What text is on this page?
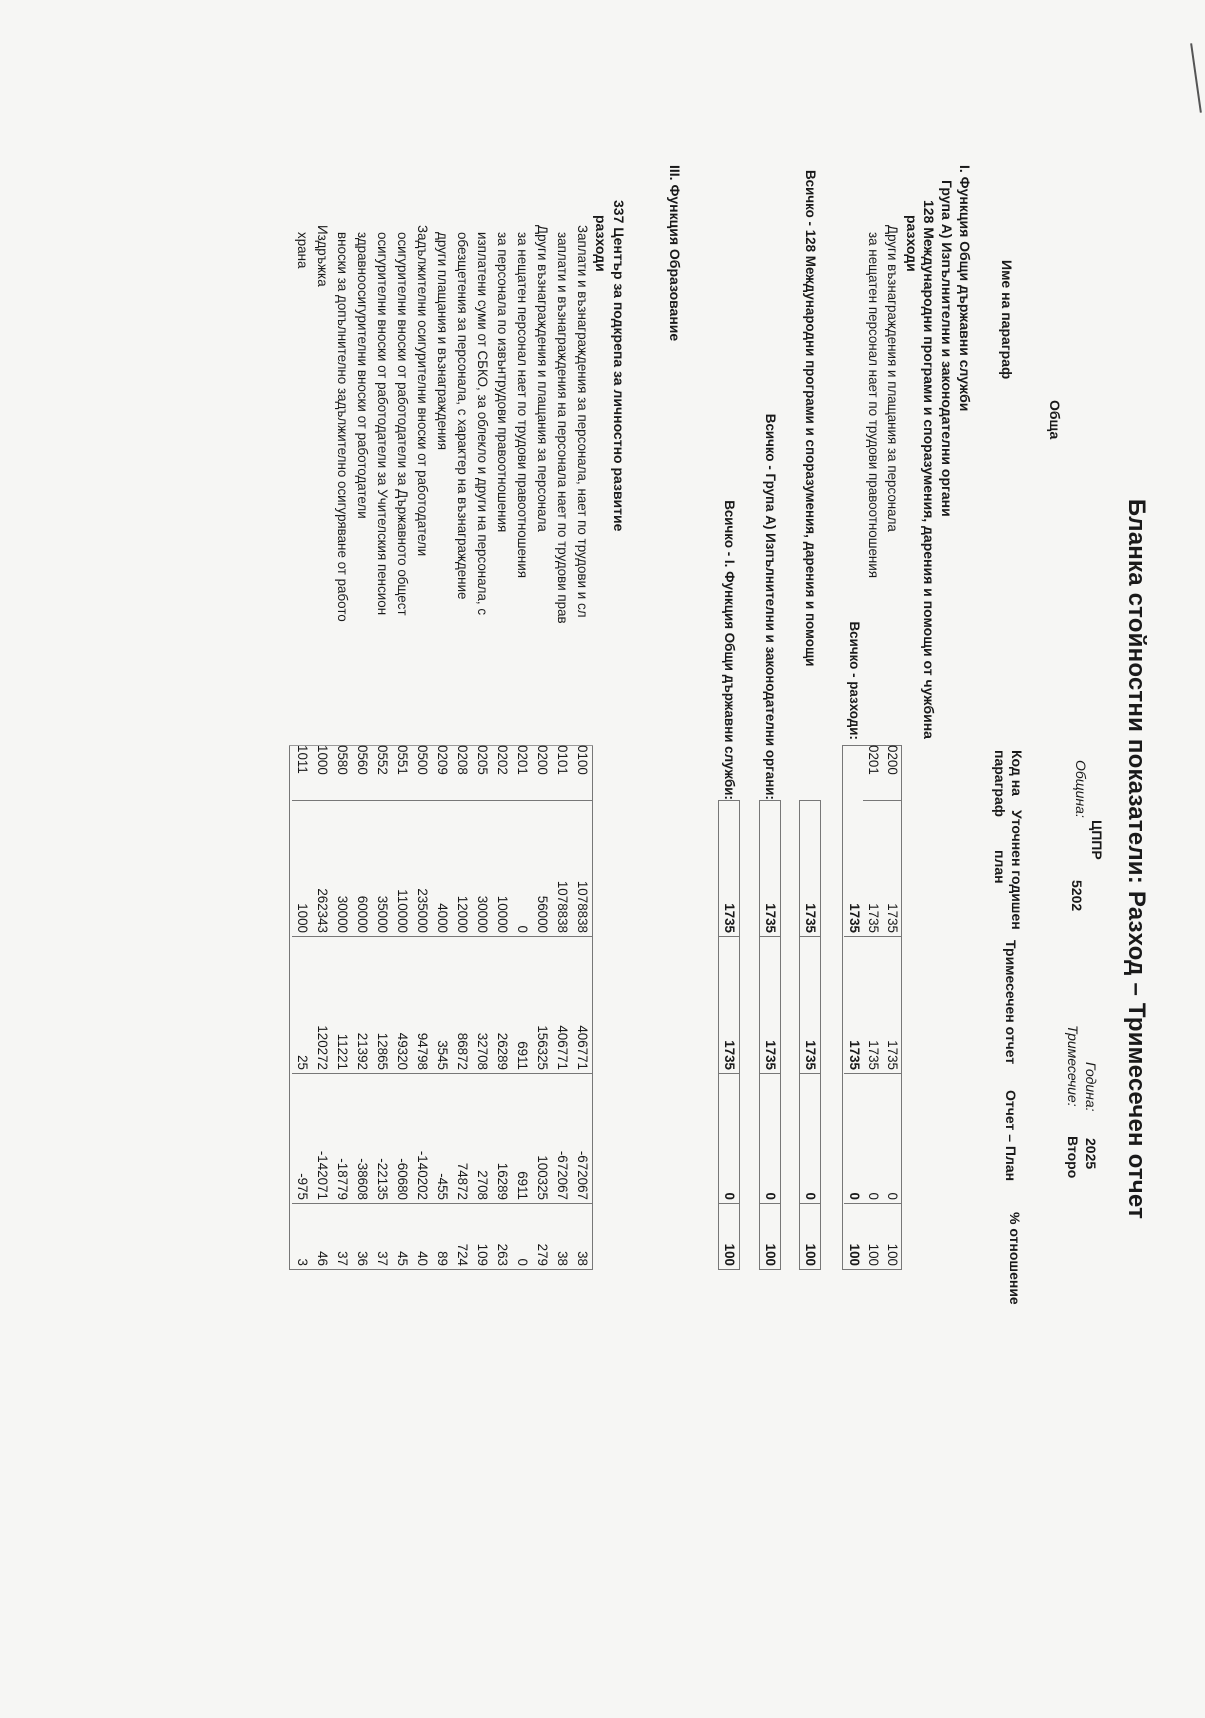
Бланка стойностни показатели: Разход – Тримесечен отчет
ЦППР
Община:
5202
Година:
2025
Тримесечие:
Второ
Обща
Име на параграф
Код на
параграф
Уточнен годишен
план
Тримесечен отчет
Отчет – План
% отношение
I. Функция Общи държавни служби
Група А) Изпълнителни и законодателни органи
128 Международни програми и споразумения, дарения и помощи от чужбина
разходи
Други възнаграждения и плащания за персонала
0200
1735
1735
0
100
за нещатен персонал нает по трудови правоотношения
0201
1735
1735
0
100
Всичко - разходи:
1735
1735
0
100
Всичко - 128 Международни програми и споразумения, дарения и помощи
1735
1735
0
100
Всичко - Група А) Изпълнителни и законодателни органи:
1735
1735
0
100
Всичко - I. Функция Общи държавни служби:
1735
1735
0
100
III. Функция Образование
337 Център за подкрепа за личностно развитие
разходи
Заплати и възнаграждения за персонала, нает по трудови и сл
0100
1078838
406771
-672067
38
заплати и възнаграждения на персонала нает по трудови прав
0101
1078838
406771
-672067
38
Други възнаграждения и плащания за персонала
0200
56000
156325
100325
279
за нещатен персонал нает по трудови правоотношения
0201
0
6911
6911
0
за персонала по извънтрудови правоотношения
0202
10000
26289
16289
263
изплатени суми от СБКО, за облекло и други на персонала, с
0205
30000
32708
2708
109
обезщетения за персонала, с характер на възнаграждение
0208
12000
86872
74872
724
други плащания и възнаграждения
0209
4000
3545
-455
89
Задължителни осигурителни вноски от работодатели
0500
235000
94798
-140202
40
осигурителни вноски от работодатели за Държавното общест
0551
110000
49320
-60680
45
осигурителни вноски от работодатели за Учителския пенсион
0552
35000
12865
-22135
37
здравноосигурителни вноски от работодатели
0560
60000
21392
-38608
36
вноски за допълнително задължително осигуряване от работо
0580
30000
11221
-18779
37
Издръжка
1000
262343
120272
-142071
46
храна
1011
1000
25
-975
3
